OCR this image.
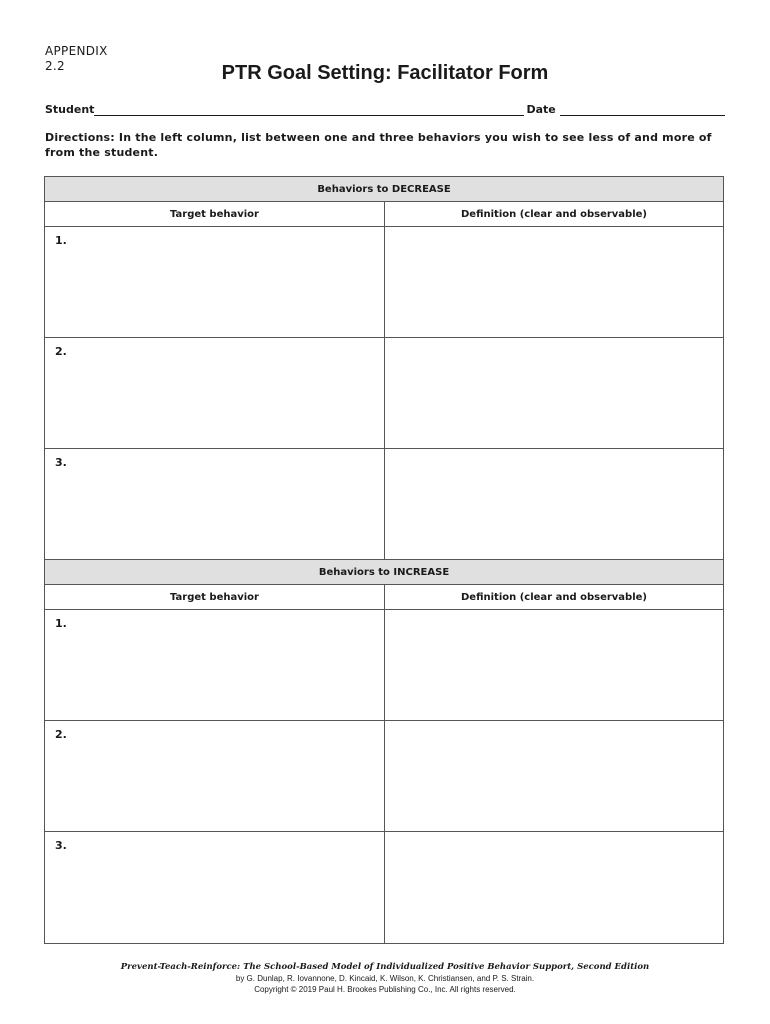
APPENDIX
2.2	PTR Goal Setting: Facilitator Form
Student	Date
Directions: In the left column, list between one and three behaviors you wish to see less of and more of from the student.
Behaviors to DECREASE
Target behavior	Definition (clear and observable)
1.
2.
3.
Behaviors to INCREASE
Target behavior	Definition (clear and observable)
1.
2.
3.
Prevent-Teach-Reinforce: The School-Based Model of Individualized Positive Behavior Support, Second Edition
by G. Dunlap, R. Iovannone, D. Kincaid, K. Wilson, K. Christiansen, and P. S. Strain.
Copyright © 2019 Paul H. Brookes Publishing Co., Inc. All rights reserved.
